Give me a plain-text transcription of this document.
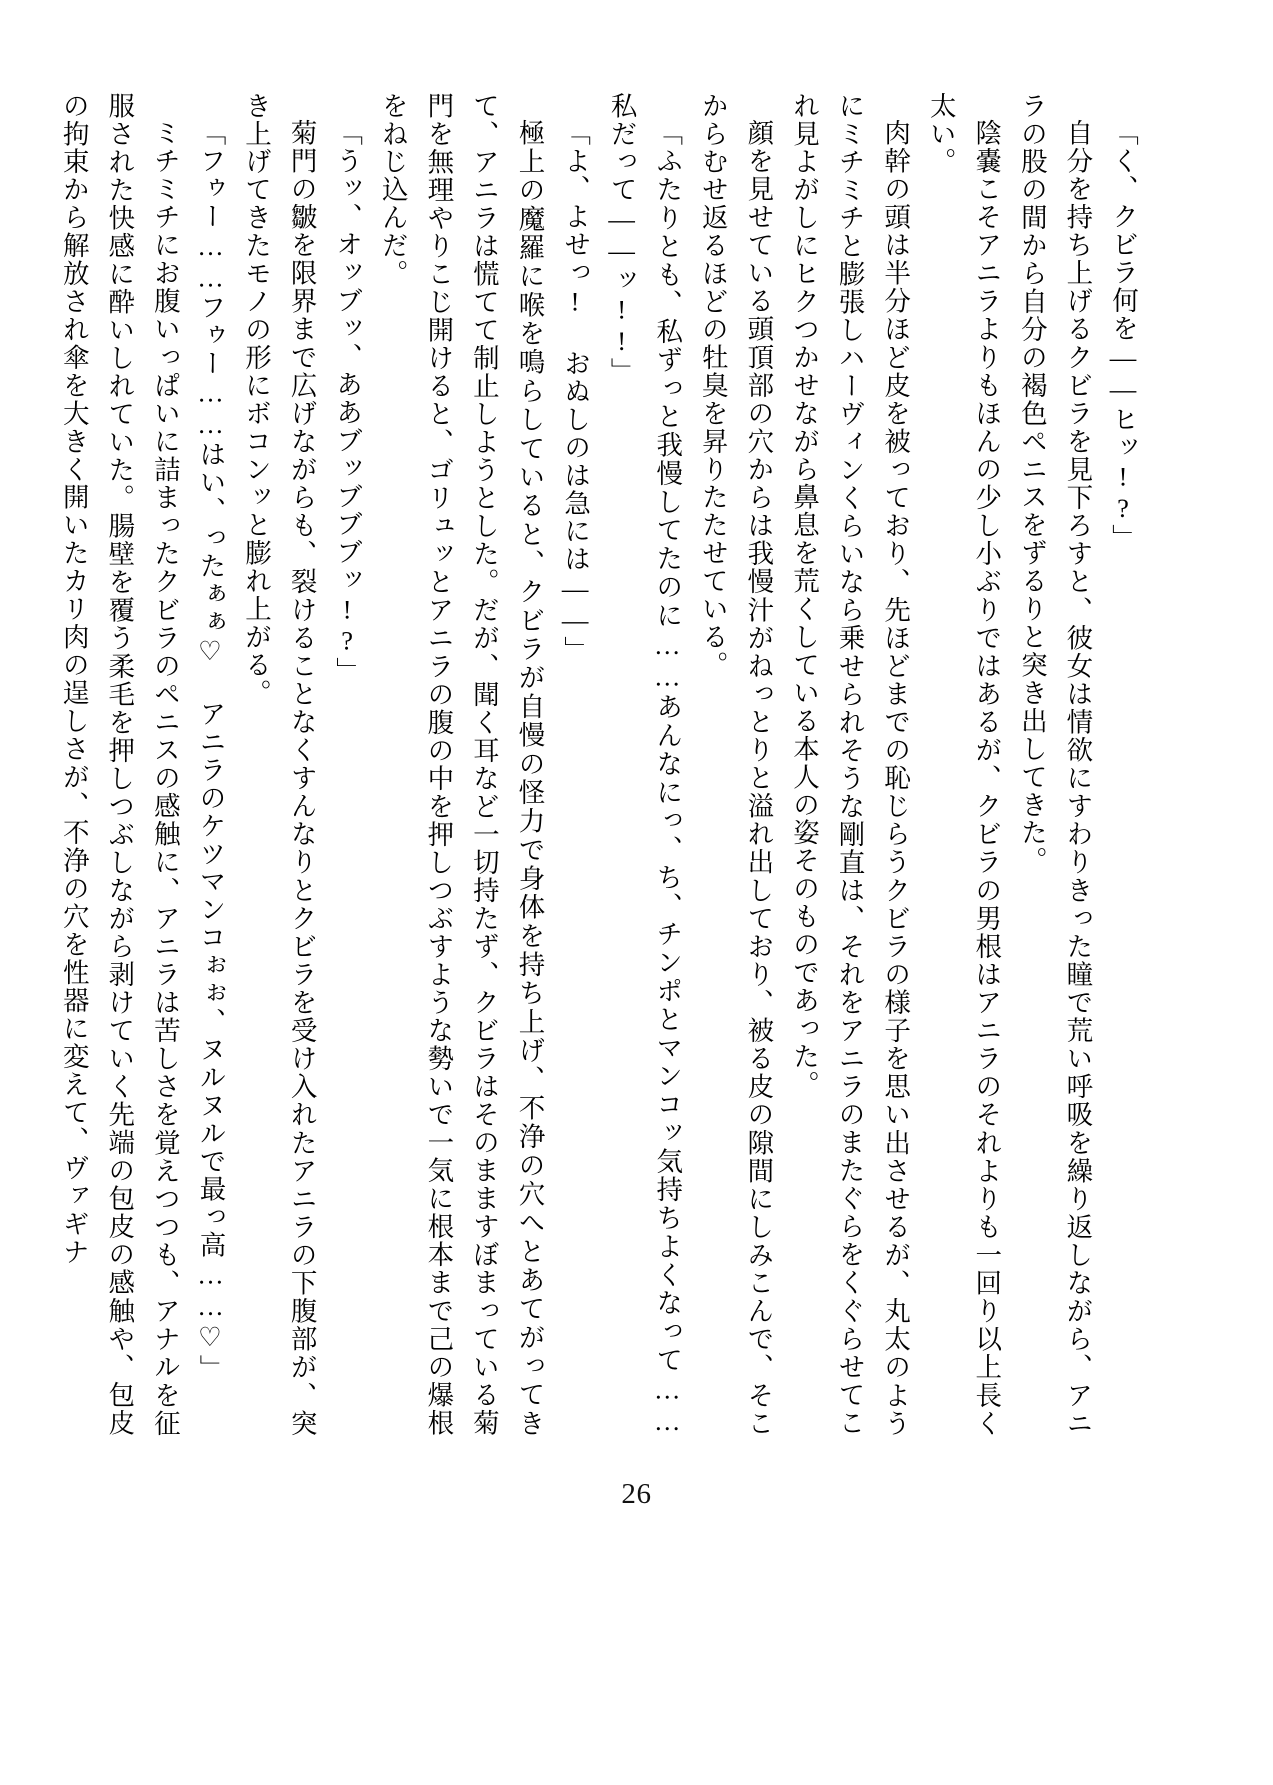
「く、クビラ何を——ヒッ!?」

自分を持ち上げるクビラを見下ろすと、彼女は情欲にすわりきった瞳で荒い呼吸を繰り返しながら、アニラの股の間から自分の褐色ペニスをずるりと突き出してきた。

陰嚢こそアニラよりもほんの少し小ぶりではあるが、クビラの男根はアニラのそれよりも一回り以上長く太い。

肉幹の頭は半分ほど皮を被っており、先ほどまでの恥じらうクビラの様子を思い出させるが、丸太のようにミチミチと膨張しハーヴィンくらいなら乗せられそうな剛直は、それをアニラのまたぐらをくぐらせてこれ見よがしにヒクつかせながら鼻息を荒くしている本人の姿そのものであった。

顔を見せている頭頂部の穴からは我慢汁がねっとりと溢れ出しており、被る皮の隙間にしみこんで、そこからむせ返るほどの牡臭を昇りたたせている。

「ふたりとも、私ずっと我慢してたのに……あんなにっ、ち、チンポとマンコッ気持ちよくなって……私だって——ッ!!」

「よ、よせっ! おぬしのは急には——」

極上の魔羅に喉を鳴らしていると、クビラが自慢の怪力で身体を持ち上げ、不浄の穴へとあてがってきて、アニラは慌てて制止しようとした。だが、聞く耳など一切持たず、クビラはそのまますぼまっている菊門を無理やりこじ開けると、ゴリュッとアニラの腹の中を押しつぶすような勢いで一気に根本まで己の爆根をねじ込んだ。

「うッ、オッブッ、ああブッブブブッ!?」

菊門の皺を限界まで広げながらも、裂けることなくすんなりとクビラを受け入れたアニラの下腹部が、突き上げてきたモノの形にボコンッと膨れ上がる。

「フゥー……フゥー……はい、ったぁぁ♡ アニラのケツマンコぉぉ、ヌルヌルで最っ高……♡」

ミチミチにお腹いっぱいに詰まったクビラのペニスの感触に、アニラは苦しさを覚えつつも、アナルを征服された快感に酔いしれていた。腸壁を覆う柔毛を押しつぶしながら剥けていく先端の包皮の感触や、包皮の拘束から解放され傘を大きく開いたカリ肉の逞しさが、不浄の穴を性器に変えて、ヴァギナ

26
